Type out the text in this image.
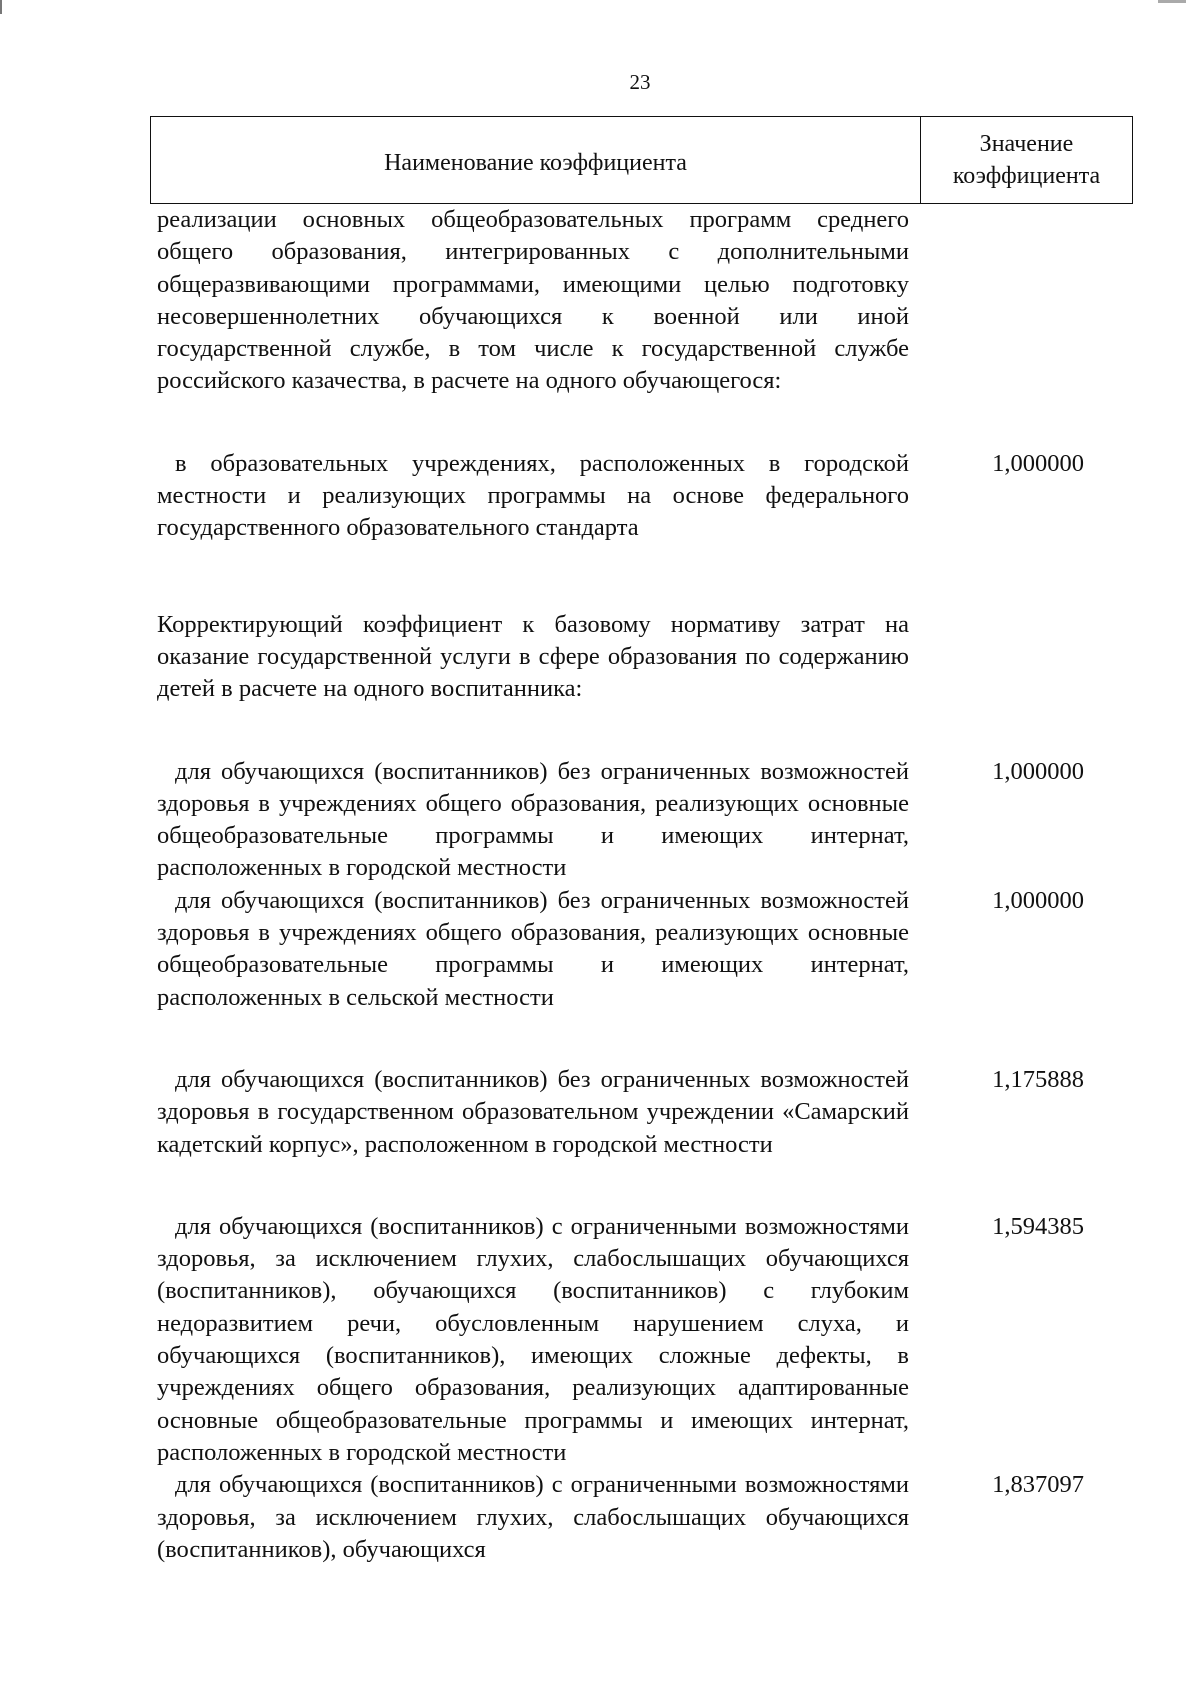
23
Наименование коэффициента
Значение
коэффициента
реализации основных общеобразовательных программ среднего общего образования, интегрированных с дополнительными общеразвивающими программами, имеющими целью подготовку несовершеннолетних обучающихся к военной или иной государственной службе, в том числе к государственной службе российского казачества, в расчете на одного обучающегося:
в образовательных учреждениях, расположенных в городской местности и реализующих программы на основе федерального государственного образовательного стандарта
1,000000
Корректирующий коэффициент к базовому нормативу затрат на оказание государственной услуги в сфере образования по содержанию детей в расчете на одного воспитанника:
для обучающихся (воспитанников) без ограниченных возможностей здоровья в учреждениях общего образования, реализующих основные общеобразовательные программы и имеющих интернат, расположенных в городской местности
1,000000
для обучающихся (воспитанников) без ограниченных возможностей здоровья в учреждениях общего образования, реализующих основные общеобразовательные программы и имеющих интернат, расположенных в сельской местности
1,000000
для обучающихся (воспитанников) без ограниченных возможностей здоровья в государственном образовательном учреждении «Самарский кадетский корпус», расположенном в городской местности
1,175888
для обучающихся (воспитанников) с ограниченными возможностями здоровья, за исключением глухих, слабослышащих обучающихся (воспитанников), обучающихся (воспитанников) с глубоким недоразвитием речи, обусловленным нарушением слуха, и обучающихся (воспитанников), имеющих сложные дефекты, в учреждениях общего образования, реализующих адаптированные основные общеобразовательные программы и имеющих интернат, расположенных в городской местности
1,594385
для обучающихся (воспитанников) с ограниченными возможностями здоровья, за исключением глухих, слабослышащих обучающихся (воспитанников), обучающихся
1,837097
